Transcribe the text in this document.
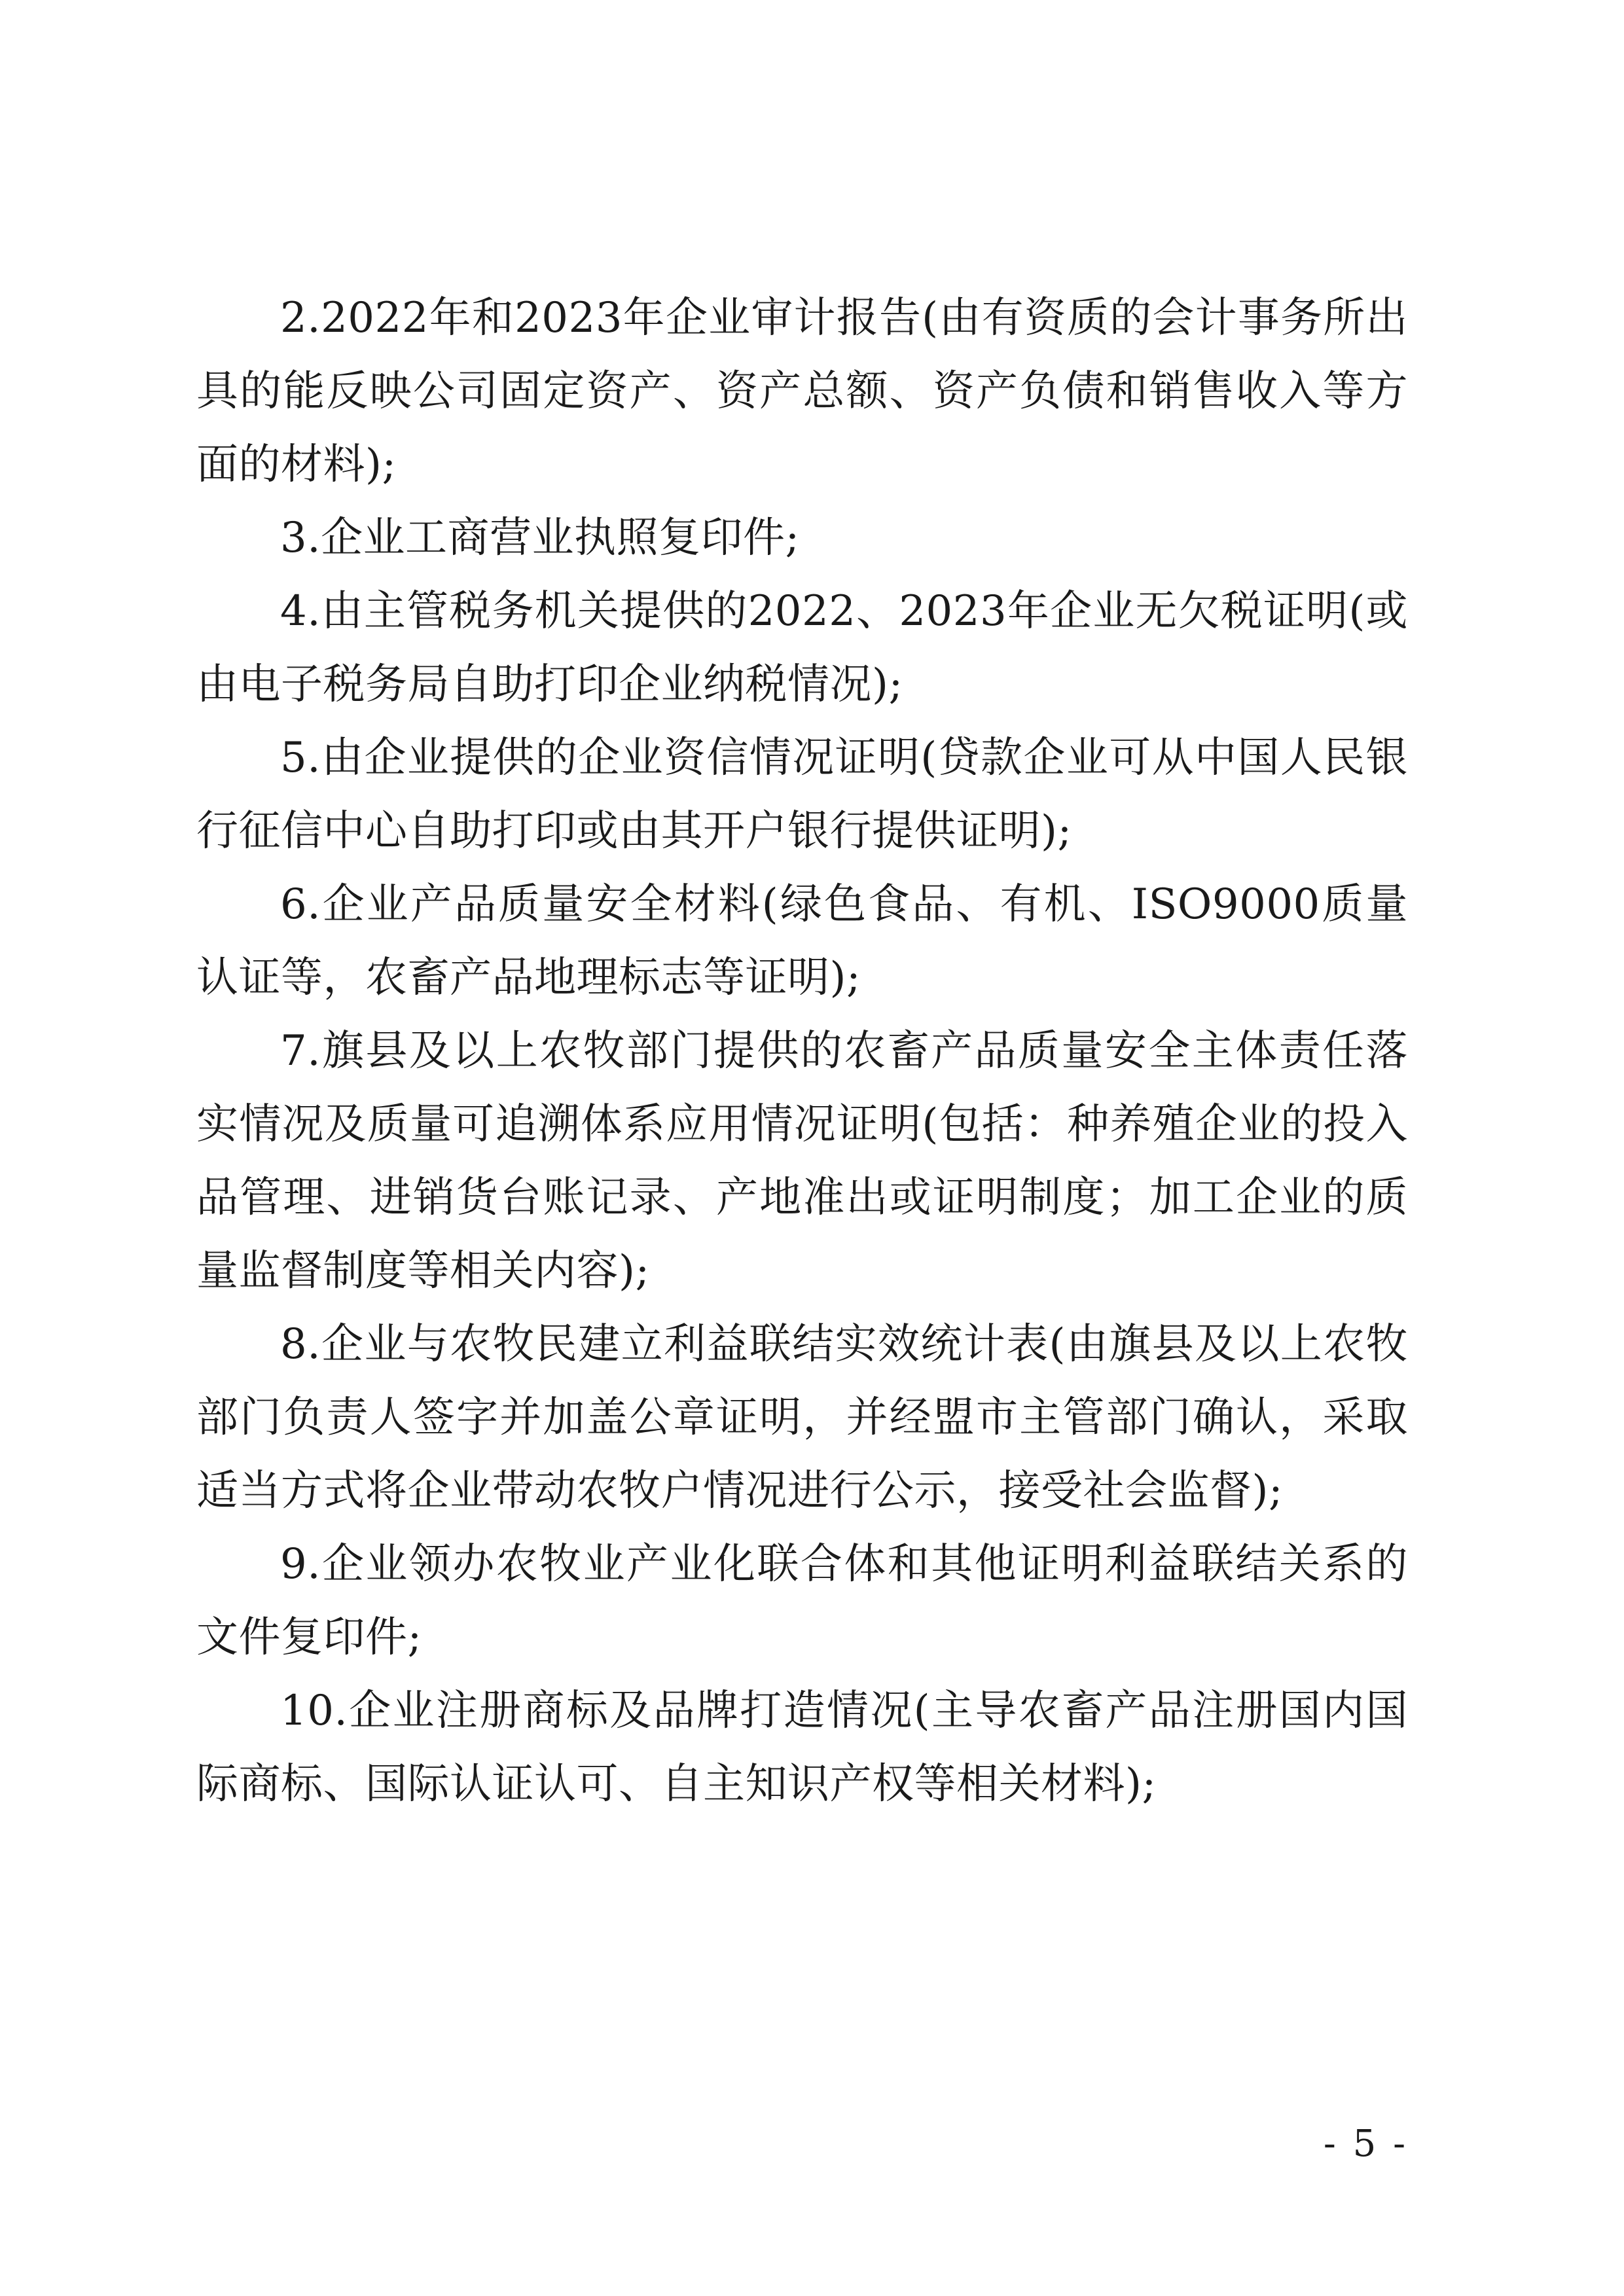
2.2022年和2023年企业审计报告(由有资质的会计事务所出具的能反映公司固定资产、资产总额、资产负债和销售收入等方面的材料);

3.企业工商营业执照复印件;

4.由主管税务机关提供的2022、2023年企业无欠税证明(或由电子税务局自助打印企业纳税情况);

5.由企业提供的企业资信情况证明(贷款企业可从中国人民银行征信中心自助打印或由其开户银行提供证明);

6.企业产品质量安全材料(绿色食品、有机、ISO9000质量认证等，农畜产品地理标志等证明);

7.旗县及以上农牧部门提供的农畜产品质量安全主体责任落实情况及质量可追溯体系应用情况证明(包括：种养殖企业的投入品管理、进销货台账记录、产地准出或证明制度；加工企业的质量监督制度等相关内容);

8.企业与农牧民建立利益联结实效统计表(由旗县及以上农牧部门负责人签字并加盖公章证明，并经盟市主管部门确认，采取适当方式将企业带动农牧户情况进行公示，接受社会监督);

9.企业领办农牧业产业化联合体和其他证明利益联结关系的文件复印件;

10.企业注册商标及品牌打造情况(主导农畜产品注册国内国际商标、国际认证认可、自主知识产权等相关材料);

- 5 -
